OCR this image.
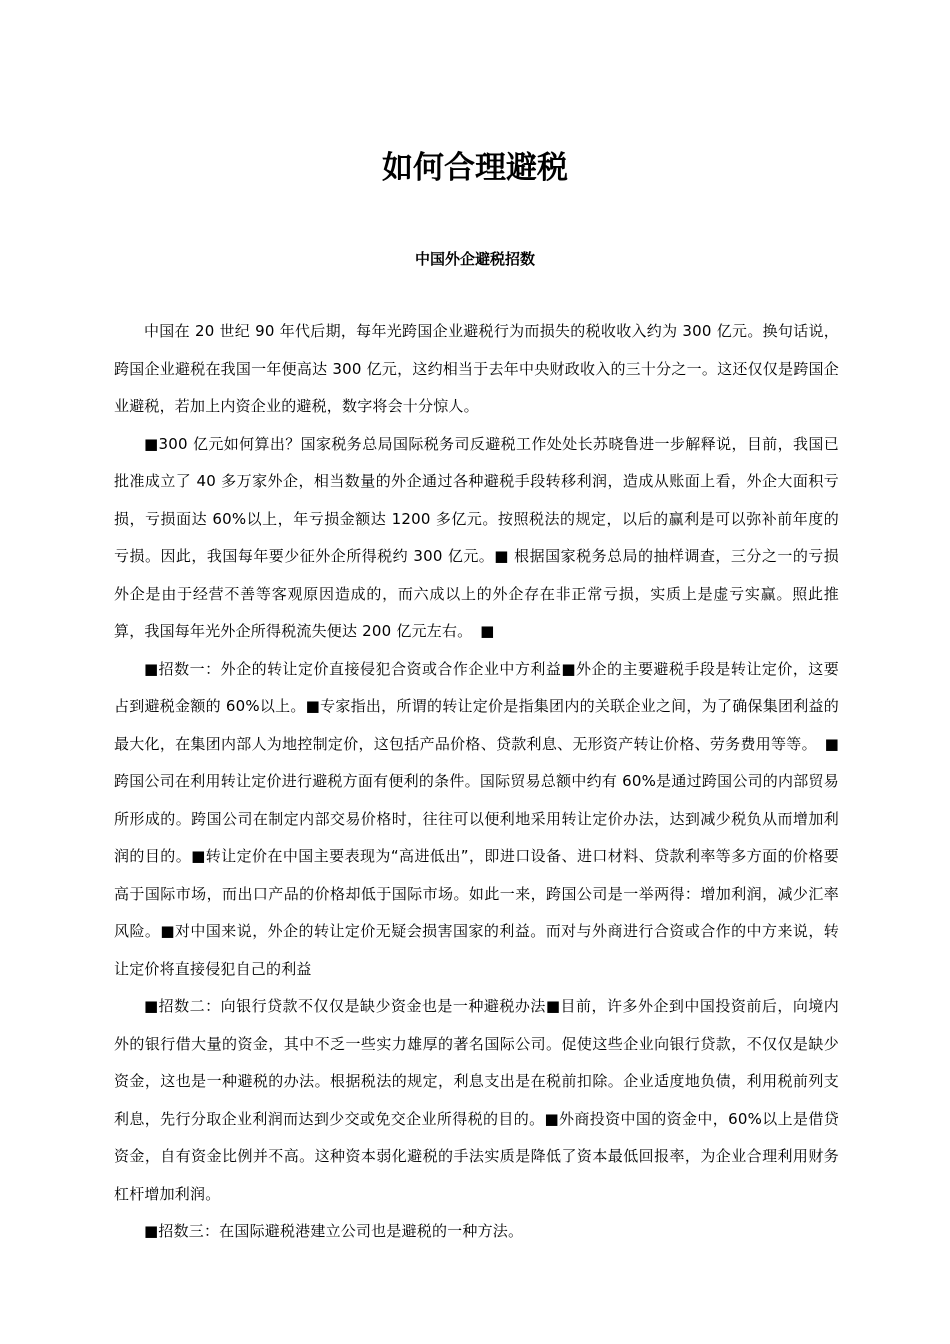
如何合理避税
中国外企避税招数

中国在 20 世纪 90 年代后期，每年光跨国企业避税行为而损失的税收收入约为 300 亿元。换句话说，跨国企业避税在我国一年便高达 300 亿元，这约相当于去年中央财政收入的三十分之一。这还仅仅是跨国企业避税，若加上内资企业的避税，数字将会十分惊人。

■300 亿元如何算出？国家税务总局国际税务司反避税工作处处长苏晓鲁进一步解释说，目前，我国已批准成立了 40 多万家外企，相当数量的外企通过各种避税手段转移利润，造成从账面上看，外企大面积亏损，亏损面达 60%以上，年亏损金额达 1200 多亿元。按照税法的规定，以后的赢利是可以弥补前年度的亏损。因此，我国每年要少征外企所得税约 300 亿元。■ 根据国家税务总局的抽样调查，三分之一的亏损外企是由于经营不善等客观原因造成的，而六成以上的外企存在非正常亏损，实质上是虚亏实赢。照此推算，我国每年光外企所得税流失便达 200 亿元左右。　■

■招数一：外企的转让定价直接侵犯合资或合作企业中方利益■外企的主要避税手段是转让定价，这要占到避税金额的 60%以上。■专家指出，所谓的转让定价是指集团内的关联企业之间，为了确保集团利益的最大化，在集团内部人为地控制定价，这包括产品价格、贷款利息、无形资产转让价格、劳务费用等等。　■跨国公司在利用转让定价进行避税方面有便利的条件。国际贸易总额中约有 60%是通过跨国公司的内部贸易所形成的。跨国公司在制定内部交易价格时，往往可以便利地采用转让定价办法，达到减少税负从而增加利润的目的。■转让定价在中国主要表现为“高进低出”，即进口设备、进口材料、贷款利率等多方面的价格要高于国际市场，而出口产品的价格却低于国际市场。如此一来，跨国公司是一举两得：增加利润，减少汇率风险。■对中国来说，外企的转让定价无疑会损害国家的利益。而对与外商进行合资或合作的中方来说，转让定价将直接侵犯自己的利益

■招数二：向银行贷款不仅仅是缺少资金也是一种避税办法■目前，许多外企到中国投资前后，向境内外的银行借大量的资金，其中不乏一些实力雄厚的著名国际公司。促使这些企业向银行贷款，不仅仅是缺少资金，这也是一种避税的办法。根据税法的规定，利息支出是在税前扣除。企业适度地负债，利用税前列支利息，先行分取企业利润而达到少交或免交企业所得税的目的。■外商投资中国的资金中，60%以上是借贷资金，自有资金比例并不高。这种资本弱化避税的手法实质是降低了资本最低回报率，为企业合理利用财务杠杆增加利润。

■招数三：在国际避税港建立公司也是避税的一种方法。
